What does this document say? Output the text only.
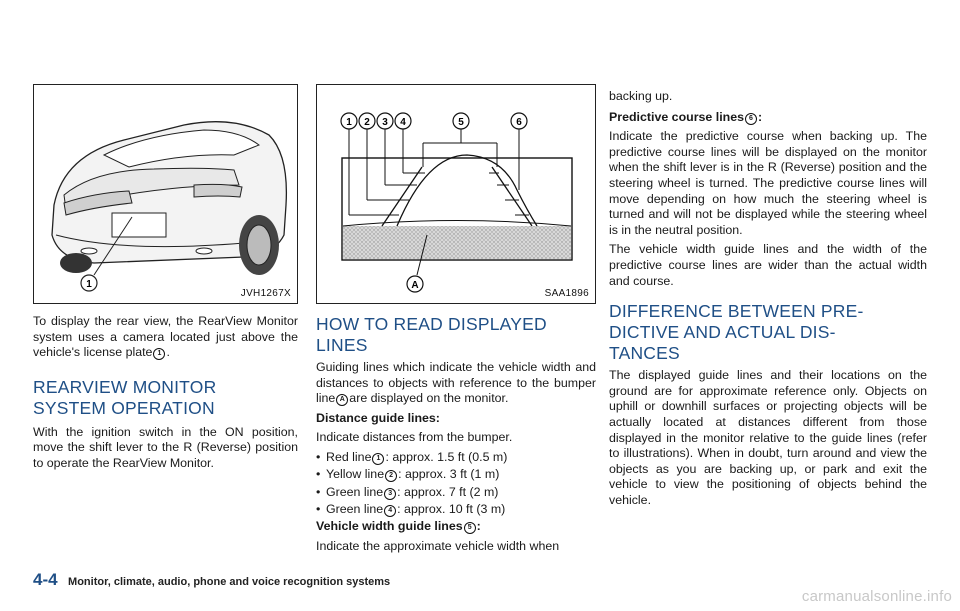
1
JVH1267X
1 2 3 4	5	6
A
SAA1896

To display the rear view, the RearView Monitor system uses a camera located just above the vehicle's license plate 1 .

REARVIEW MONITOR SYSTEM OPERATION

With the ignition switch in the ON position, move the shift lever to the R (Reverse) position to operate the RearView Monitor.

HOW TO READ DISPLAYED LINES

Guiding lines which indicate the vehicle width and distances to objects with reference to the bumper line A are displayed on the monitor.

Distance guide lines:

Indicate distances from the bumper.

• Red line 1 : approx. 1.5 ft (0.5 m)
• Yellow line 2 : approx. 3 ft (1 m)
• Green line 3 : approx. 7 ft (2 m)
• Green line 4 : approx. 10 ft (3 m)

Vehicle width guide lines 5 :

Indicate the approximate vehicle width when

backing up.

Predictive course lines 6 :

Indicate the predictive course when backing up. The predictive course lines will be displayed on the monitor when the shift lever is in the R (Reverse) position and the steering wheel is turned. The predictive course lines will move depending on how much the steering wheel is turned and will not be displayed while the steering wheel is in the neutral position.

The vehicle width guide lines and the width of the predictive course lines are wider than the actual width and course.

DIFFERENCE BETWEEN PRE-
DICTIVE AND ACTUAL DIS-
TANCES

The displayed guide lines and their locations on the ground are for approximate reference only. Objects on uphill or downhill surfaces or projecting objects will be actually located at distances different from those displayed in the monitor relative to the guide lines (refer to illustrations). When in doubt, turn around and view the objects as you are backing up, or park and exit the vehicle to view the positioning of objects behind the vehicle.

4-4 Monitor, climate, audio, phone and voice recognition systems
carmanualsonline.info
